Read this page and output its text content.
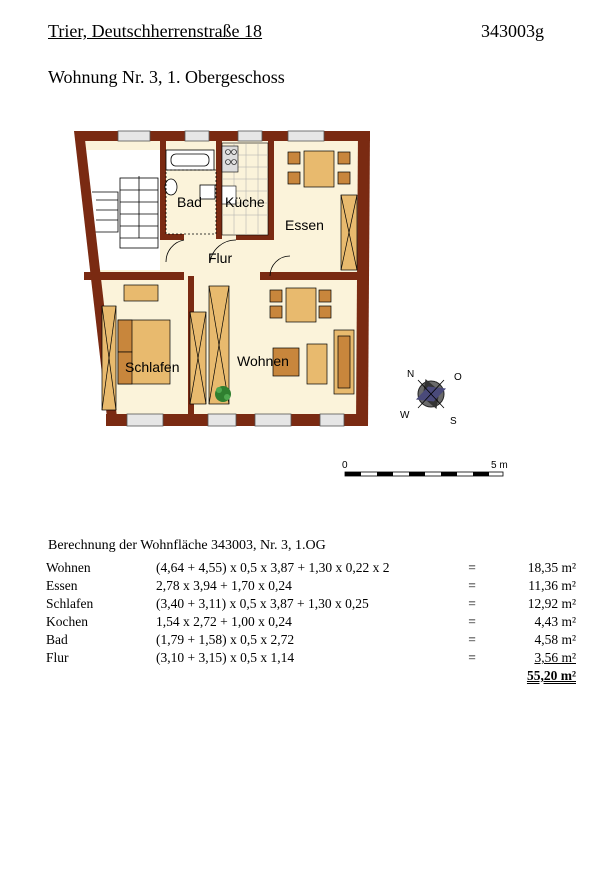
Trier, Deutschherrenstraße 18	343003g
Wohnung Nr. 3, 1. Obergeschoss
Bad Küche
Essen
Flur
Schlafen	Wohnen
N	O
S
W
0	5 m
Berechnung der Wohnfläche 343003, Nr. 3, 1.OG
Wohnen	(4,64 + 4,55) x 0,5 x 3,87 + 1,30 x 0,22 x 2	=	18,35 m²
Essen	2,78 x 3,94 + 1,70 x 0,24	=	11,36 m²
Schlafen	(3,40 + 3,11) x 0,5 x 3,87 + 1,30 x 0,25	=	12,92 m²
Kochen	1,54 x 2,72 + 1,00 x 0,24	=	4,43 m²
Bad	(1,79 + 1,58) x 0,5 x 2,72	=	4,58 m²
Flur	(3,10 + 3,15) x 0,5 x 1,14	=	3,56 m²
			55,20 m²
